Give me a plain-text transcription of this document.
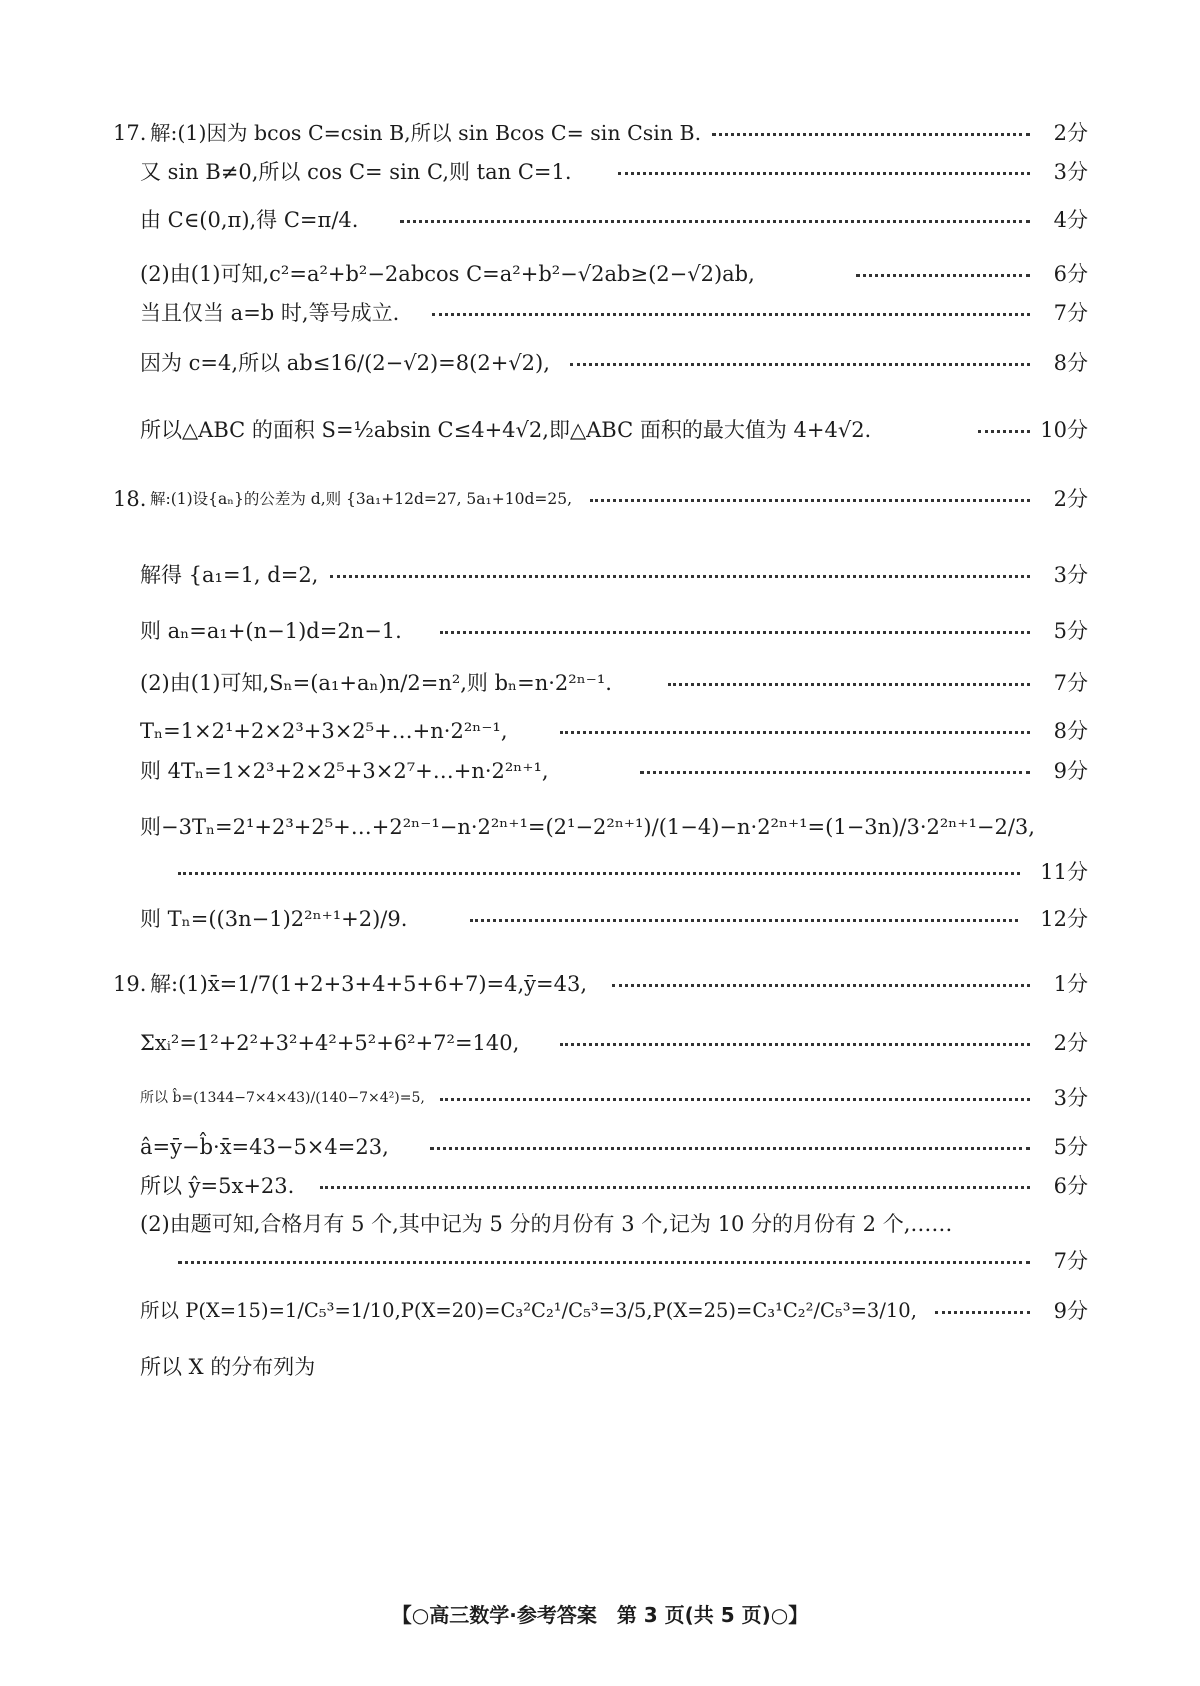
17. 解:(1)因为 bcos C=csin B,所以 sin Bcos C= sin Csin B.	2分
又 sin B≠0,所以 cos C= sin C,则 tan C=1.	3分
由 C∈(0,π),得 C=π/4.	4分
(2)由(1)可知,c²=a²+b²−2abcos C=a²+b²−√2ab≥(2−√2)ab,	6分
当且仅当 a=b 时,等号成立.	7分
因为 c=4,所以 ab≤16/(2−√2)=8(2+√2),	8分
所以△ABC 的面积 S=½absin C≤4+4√2,即△ABC 面积的最大值为 4+4√2.	10分
18. 解:(1)设{aₙ}的公差为 d,则 {3a₁+12d=27, 5a₁+10d=25,	2分
解得 {a₁=1, d=2,	3分
则 aₙ=a₁+(n−1)d=2n−1.	5分
(2)由(1)可知,Sₙ=(a₁+aₙ)n/2=n²,则 bₙ=n·2²ⁿ⁻¹.	7分
Tₙ=1×2¹+2×2³+3×2⁵+…+n·2²ⁿ⁻¹,	8分
则 4Tₙ=1×2³+2×2⁵+3×2⁷+…+n·2²ⁿ⁺¹,	9分
则−3Tₙ=2¹+2³+2⁵+…+2²ⁿ⁻¹−n·2²ⁿ⁺¹=(2¹−2²ⁿ⁺¹)/(1−4)−n·2²ⁿ⁺¹=(1−3n)/3·2²ⁿ⁺¹−2/3,
11分
则 Tₙ=((3n−1)2²ⁿ⁺¹+2)/9.	12分
19. 解:(1)x̄=1/7(1+2+3+4+5+6+7)=4,ȳ=43,	1分
Σxᵢ²=1²+2²+3²+4²+5²+6²+7²=140,	2分
所以 b̂=(1344−7×4×43)/(140−7×4²)=5,	3分
â=ȳ−b̂·x̄=43−5×4=23,	5分
所以 ŷ=5x+23.	6分
(2)由题可知,合格月有 5 个,其中记为 5 分的月份有 3 个,记为 10 分的月份有 2 个,……
7分
所以 P(X=15)=1/C₅³=1/10,P(X=20)=C₃²C₂¹/C₅³=3/5,P(X=25)=C₃¹C₂²/C₅³=3/10,	9分
所以 X 的分布列为
【○高三数学·参考答案　第 3 页(共 5 页)○】
